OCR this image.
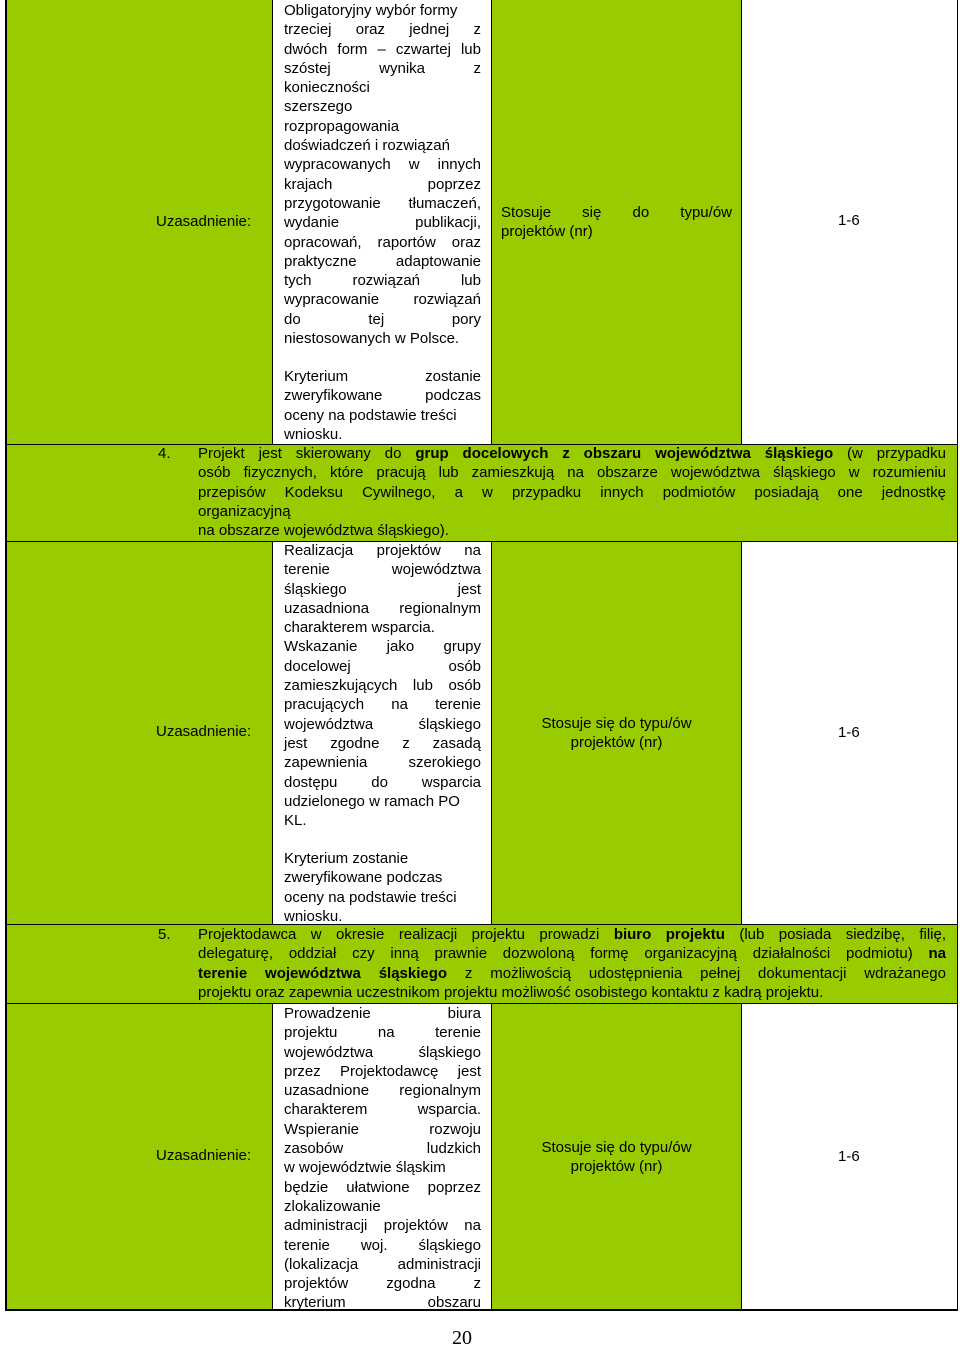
Uzasadnienie:
Obligatoryjny wybór formy
trzeciej oraz jednej z
dwóch form – czwartej lub
szóstej wynika z
konieczności
szerszego
rozpropagowania
doświadczeń i rozwiązań
wypracowanych w innych
krajach poprzez
przygotowanie tłumaczeń,
wydanie publikacji,
opracowań, raportów oraz
praktyczne adaptowanie
tych rozwiązań lub
wypracowanie rozwiązań
do tej pory
niestosowanych w Polsce.
Kryterium zostanie
zweryfikowane podczas
oceny na podstawie treści
wniosku.
Stosuje się do typu/ów
projektów (nr)
1-6
4. Projekt jest skierowany do grup docelowych z obszaru województwa śląskiego (w przypadku
osób fizycznych, które pracują lub zamieszkują na obszarze województwa śląskiego w rozumieniu
przepisów Kodeksu Cywilnego, a w przypadku innych podmiotów posiadają one jednostkę
organizacyjną
na obszarze województwa śląskiego).
Uzasadnienie:
Realizacja projektów na
terenie województwa
śląskiego jest
uzasadniona regionalnym
charakterem wsparcia.
Wskazanie jako grupy
docelowej osób
zamieszkujących lub osób
pracujących na terenie
województwa śląskiego
jest zgodne z zasadą
zapewnienia szerokiego
dostępu do wsparcia
udzielonego w ramach PO
KL.
Kryterium zostanie
zweryfikowane podczas
oceny na podstawie treści
wniosku.
Stosuje się do typu/ów
projektów (nr)
1-6
5. Projektodawca w okresie realizacji projektu prowadzi biuro projektu (lub posiada siedzibę, filię,
delegaturę, oddział czy inną prawnie dozwoloną formę organizacyjną działalności podmiotu) na
terenie województwa śląskiego z możliwością udostępnienia pełnej dokumentacji wdrażanego
projektu oraz zapewnia uczestnikom projektu możliwość osobistego kontaktu z kadrą projektu.
Uzasadnienie:
Prowadzenie biura
projektu na terenie
województwa śląskiego
przez Projektodawcę jest
uzasadnione regionalnym
charakterem wsparcia.
Wspieranie rozwoju
zasobów ludzkich
w województwie śląskim
będzie ułatwione poprzez
zlokalizowanie
administracji projektów na
terenie woj. śląskiego
(lokalizacja administracji
projektów zgodna z
kryterium obszaru
Stosuje się do typu/ów
projektów (nr)
1-6
20
